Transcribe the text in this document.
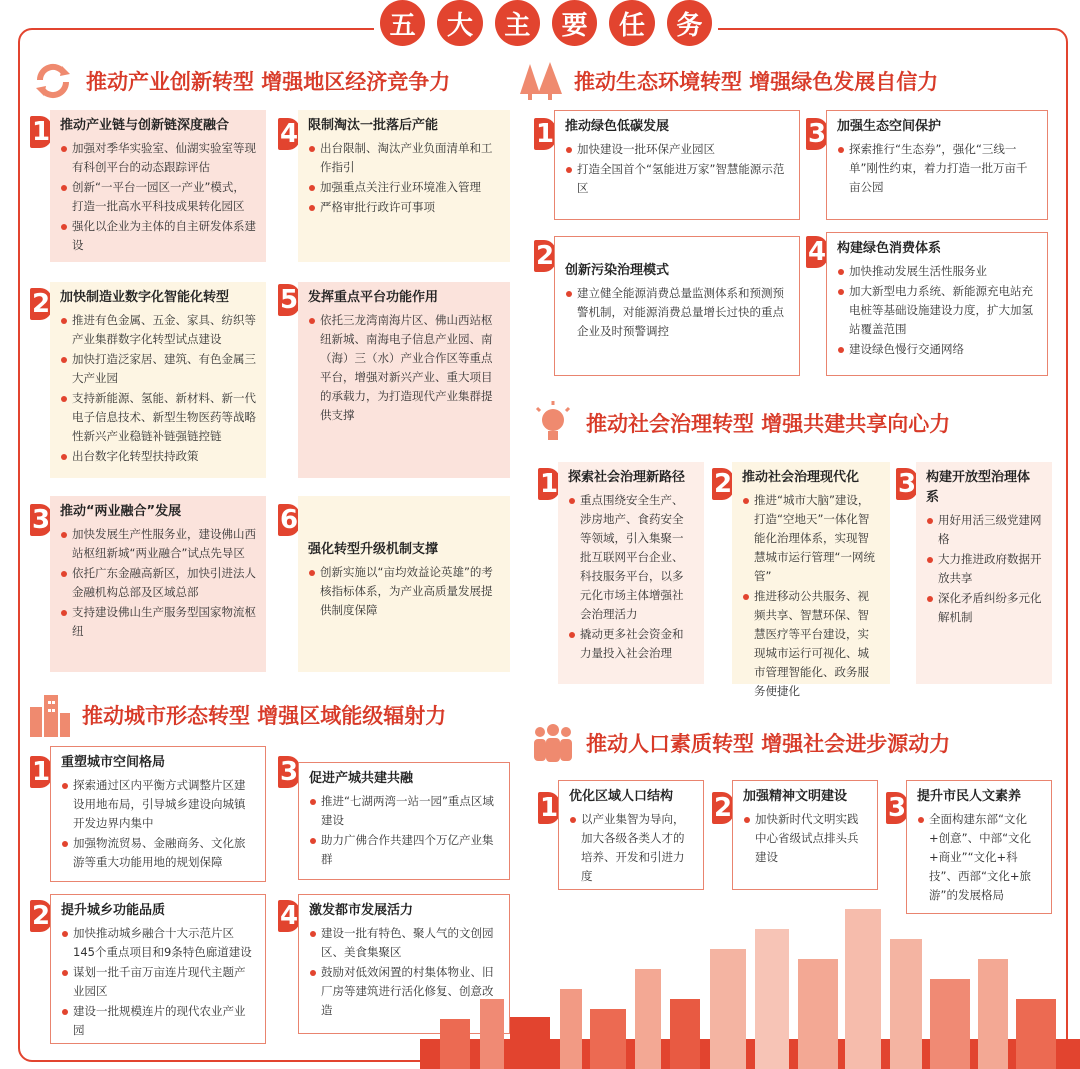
五	大	主	要	任	务
推动产业创新转型 增强地区经济竞争力	推动生态环境转型 增强绿色发展自信力
推动社会治理转型 增强共建共享向心力
推动城市形态转型 增强区域能级辐射力
推动人口素质转型 增强社会进步源动力
1 推动产业链与创新链深度融合
加强对季华实验室、仙湖实验室等现有科创平台的动态跟踪评估
创新“一平台一园区一产业”模式，打造一批高水平科技成果转化园区
强化以企业为主体的自主研发体系建设
2 加快制造业数字化智能化转型
推进有色金属、五金、家具、纺织等产业集群数字化转型试点建设
加快打造泛家居、建筑、有色金属三大产业园
支持新能源、氢能、新材料、新一代电子信息技术、新型生物医药等战略性新兴产业稳链补链强链控链
出台数字化转型扶持政策
3 推动“两业融合”发展
加快发展生产性服务业，建设佛山西站枢纽新城“两业融合”试点先导区
依托广东金融高新区，加快引进法人金融机构总部及区域总部
支持建设佛山生产服务型国家物流枢纽
4 限制淘汰一批落后产能
出台限制、淘汰产业负面清单和工作指引
加强重点关注行业环境准入管理
严格审批行政许可事项
5 发挥重点平台功能作用
依托三龙湾南海片区、佛山西站枢纽新城、南海电子信息产业园、南（海）三（水）产业合作区等重点平台，增强对新兴产业、重大项目的承载力，为打造现代产业集群提供支撑
6
强化转型升级机制支撑
创新实施以“亩均效益论英雄”的考核指标体系，为产业高质量发展提供制度保障
1 推动绿色低碳发展
加快建设一批环保产业园区
打造全国首个“氢能进万家”智慧能源示范区
2 创新污染治理模式
建立健全能源消费总量监测体系和预测预警机制，对能源消费总量增长过快的重点企业及时预警调控
3 加强生态空间保护
探索推行“生态券”，强化“三线一单”刚性约束，着力打造一批万亩千亩公园
4 构建绿色消费体系
加快推动发展生活性服务业
加大新型电力系统、新能源充电站充电桩等基础设施建设力度，扩大加氢站覆盖范围
建设绿色慢行交通网络
1 探索社会治理新路径
重点围绕安全生产、涉房地产、食药安全等领域，引入集聚一批互联网平台企业、科技服务平台，以多元化市场主体增强社会治理活力
撬动更多社会资金和力量投入社会治理
2 推动社会治理现代化
推进“城市大脑”建设，打造“空地天”一体化智能化治理体系，实现智慧城市运行管理“一网统管”
推进移动公共服务、视频共享、智慧环保、智慧医疗等平台建设，实现城市运行可视化、城市管理智能化、政务服务便捷化
3 构建开放型治理体系
用好用活三级党建网格
大力推进政府数据开放共享
深化矛盾纠纷多元化解机制
1 重塑城市空间格局
探索通过区内平衡方式调整片区建设用地布局，引导城乡建设向城镇开发边界内集中
加强物流贸易、金融商务、文化旅游等重大功能用地的规划保障
2 提升城乡功能品质
加快推动城乡融合十大示范片区145个重点项目和9条特色廊道建设
谋划一批千亩万亩连片现代主题产业园区
建设一批规模连片的现代农业产业园
3 促进产城共建共融
推进“七湖两湾一站一园”重点区域建设
助力广佛合作共建四个万亿产业集群
4 激发都市发展活力
建设一批有特色、聚人气的文创园区、美食集聚区
鼓励对低效闲置的村集体物业、旧厂房等建筑进行活化修复、创意改造
1 优化区域人口结构
以产业集智为导向，加大各级各类人才的培养、开发和引进力度
2 加强精神文明建设
加快新时代文明实践中心省级试点排头兵建设
3 提升市民人文素养
全面构建东部“文化+创意”、中部“文化+商业”“文化+科技”、西部“文化+旅游”的发展格局
